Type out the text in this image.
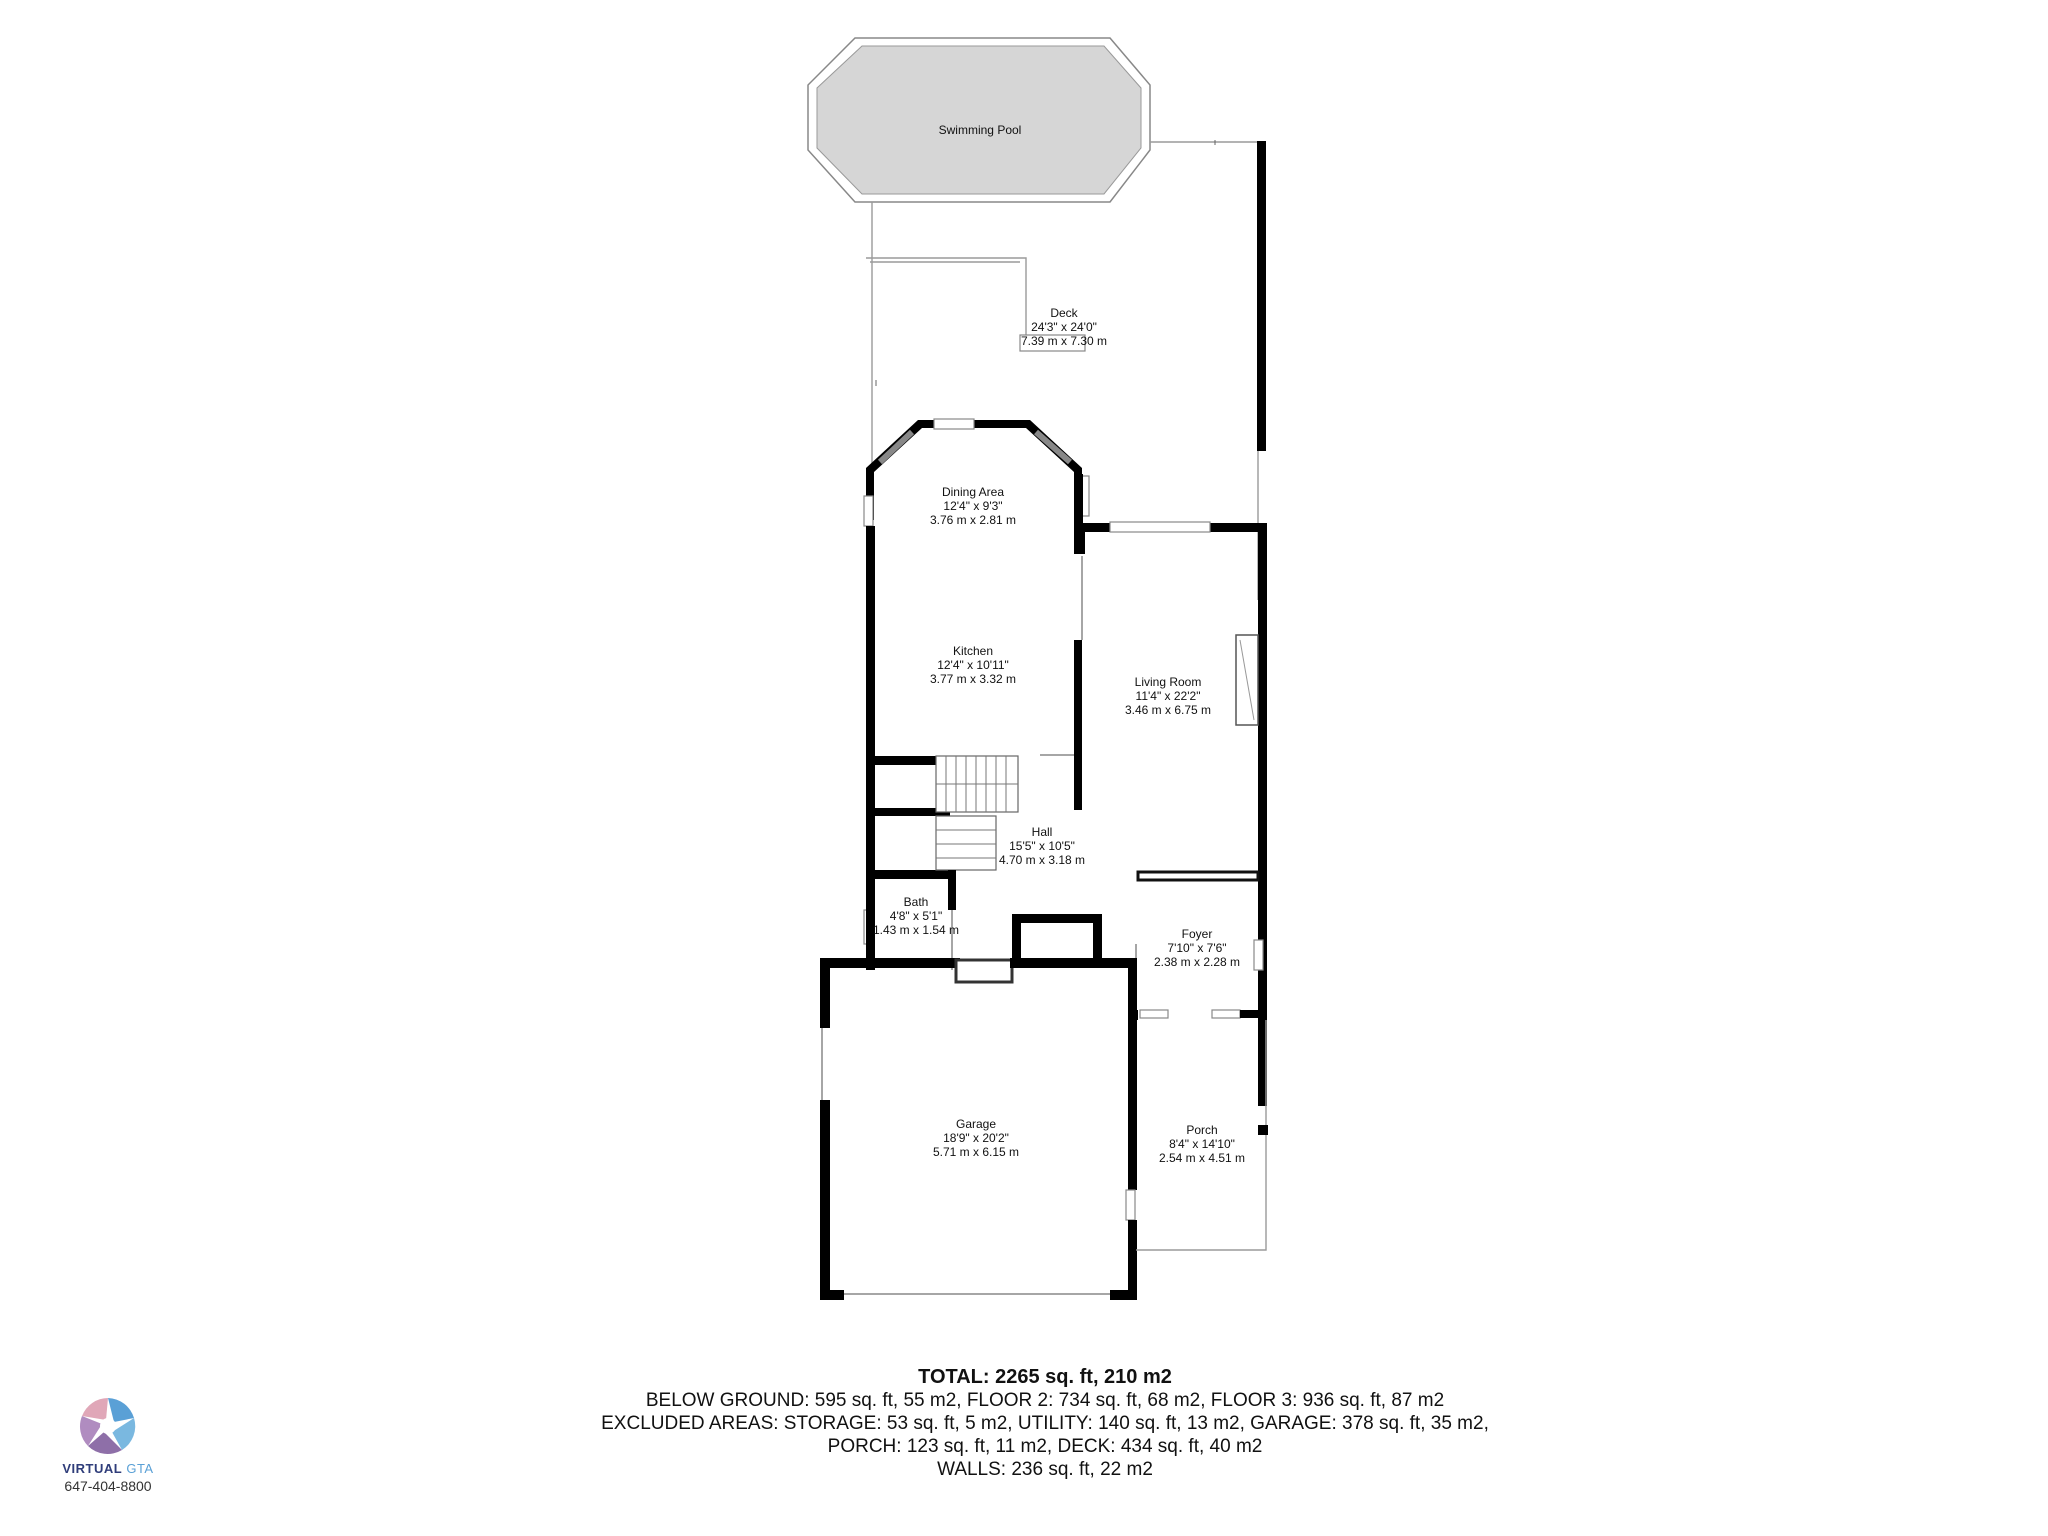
Swimming Pool
Deck
24'3" x 24'0"
7.39 m x 7.30 m
Dining Area
12'4" x 9'3"
3.76 m x 2.81 m
Kitchen
12'4" x 10'11"
3.77 m x 3.32 m	Living Room
11'4" x 22'2"
3.46 m x 6.75 m
Hall
15'5" x 10'5"
4.70 m x 3.18 m
Bath
4'8" x 5'1"
1.43 m x 1.54 m	Foyer
7'10" x 7'6"
2.38 m x 2.28 m
Garage
18'9" x 20'2"
5.71 m x 6.15 m
Porch
8'4" x 14'10"
2.54 m x 4.51 m
TOTAL: 2265 sq. ft, 210 m2
BELOW GROUND: 595 sq. ft, 55 m2, FLOOR 2: 734 sq. ft, 68 m2, FLOOR 3: 936 sq. ft, 87 m2
EXCLUDED AREAS: STORAGE: 53 sq. ft, 5 m2, UTILITY: 140 sq. ft, 13 m2, GARAGE: 378 sq. ft, 35 m2,
PORCH: 123 sq. ft, 11 m2, DECK: 434 sq. ft, 40 m2
WALLS: 236 sq. ft, 22 m2
VIRTUAL GTA
647-404-8800
